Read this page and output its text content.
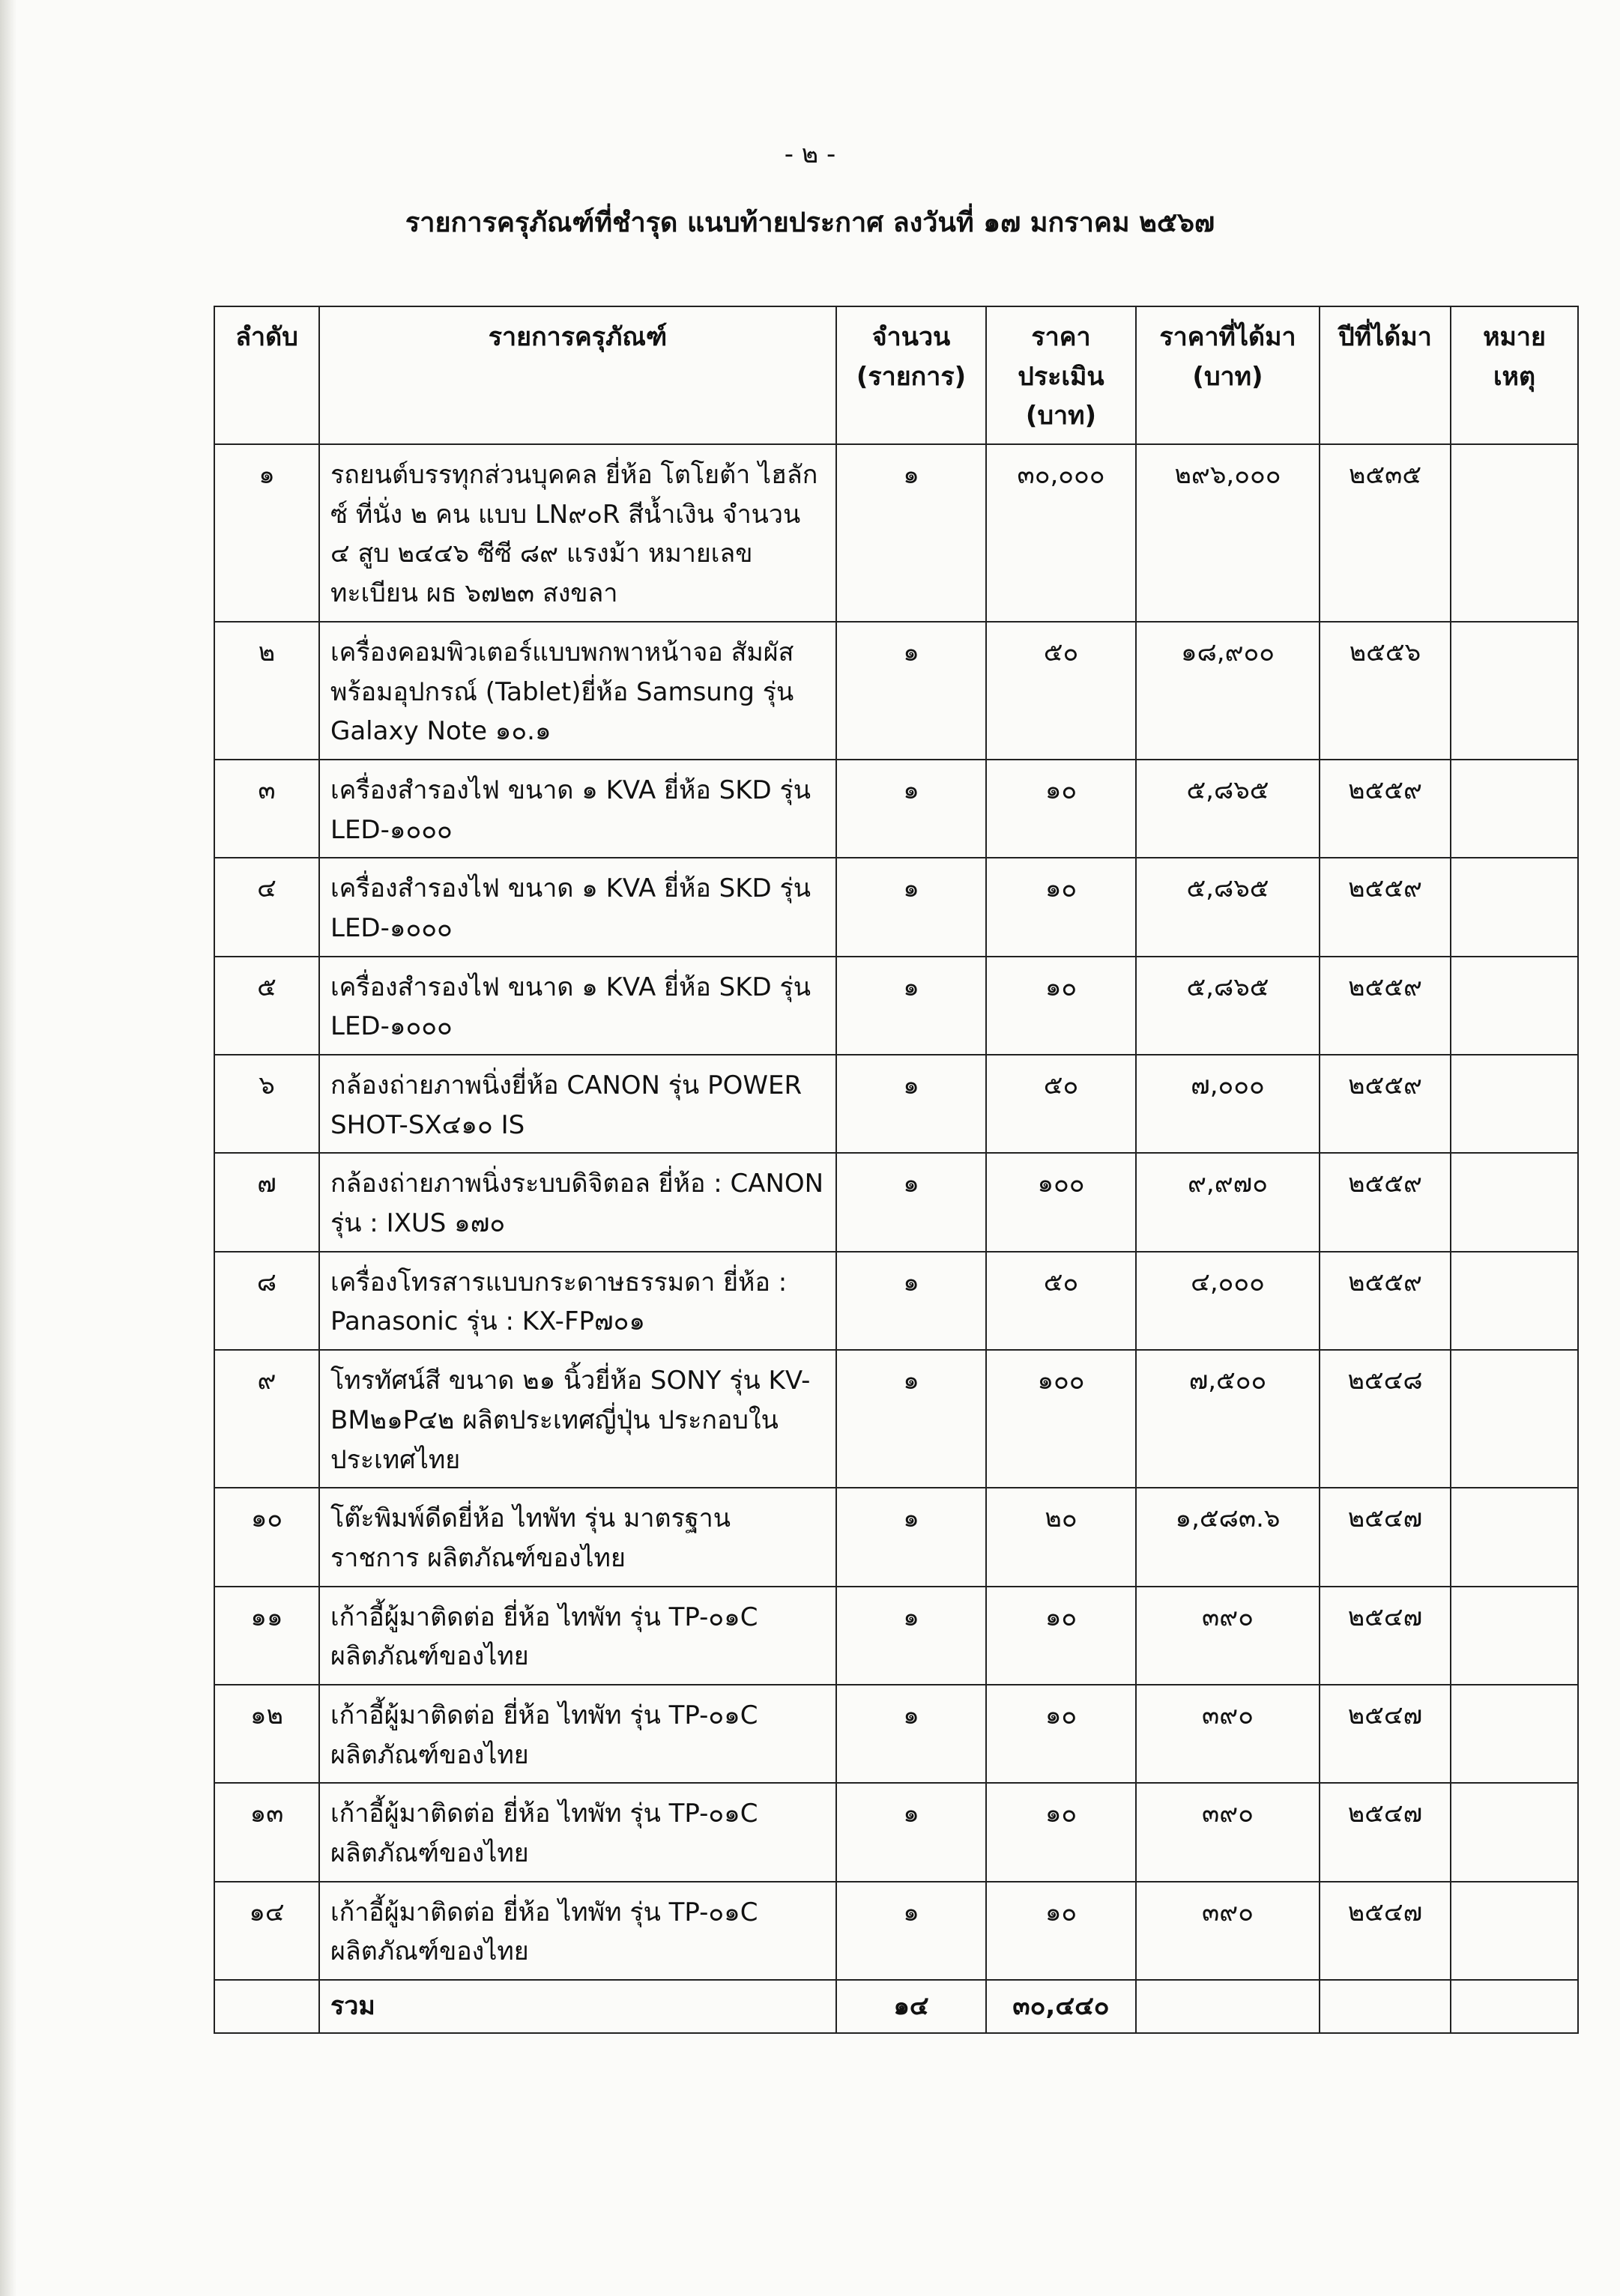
- ๒ -
รายการครุภัณฑ์ที่ชำรุด แนบท้ายประกาศ ลงวันที่ ๑๗ มกราคม ๒๕๖๗
ลำดับ	รายการครุภัณฑ์	จำนวน (รายการ)	ราคา ประเมิน (บาท)	ราคาที่ได้มา (บาท)	ปีที่ได้มา	หมาย เหตุ
๑	รถยนต์บรรทุกส่วนบุคคล ยี่ห้อ โตโยต้า ไฮลักซ์ ที่นั่ง ๒ คน แบบ LN๙๐R สีน้ำเงิน จำนวน ๔ สูบ ๒๔๔๖ ซีซี ๘๙ แรงม้า หมายเลขทะเบียน ผธ ๖๗๒๓ สงขลา	๑	๓๐,๐๐๐	๒๙๖,๐๐๐	๒๕๓๕	
๒	เครื่องคอมพิวเตอร์แบบพกพาหน้าจอ สัมผัสพร้อมอุปกรณ์ (Tablet)ยี่ห้อ Samsung รุ่น Galaxy Note ๑๐.๑	๑	๕๐	๑๘,๙๐๐	๒๕๕๖	
๓	เครื่องสำรองไฟ ขนาด ๑ KVA ยี่ห้อ SKD รุ่น LED-๑๐๐๐	๑	๑๐	๕,๘๖๕	๒๕๕๙	
๔	เครื่องสำรองไฟ ขนาด ๑ KVA ยี่ห้อ SKD รุ่น LED-๑๐๐๐	๑	๑๐	๕,๘๖๕	๒๕๕๙	
๕	เครื่องสำรองไฟ ขนาด ๑ KVA ยี่ห้อ SKD รุ่น LED-๑๐๐๐	๑	๑๐	๕,๘๖๕	๒๕๕๙	
๖	กล้องถ่ายภาพนิ่งยี่ห้อ CANON รุ่น POWER SHOT-SX๔๑๐ IS	๑	๕๐	๗,๐๐๐	๒๕๕๙	
๗	กล้องถ่ายภาพนิ่งระบบดิจิตอล ยี่ห้อ : CANON รุ่น : IXUS ๑๗๐	๑	๑๐๐	๙,๙๗๐	๒๕๕๙	
๘	เครื่องโทรสารแบบกระดาษธรรมดา ยี่ห้อ : Panasonic รุ่น : KX-FP๗๐๑	๑	๕๐	๔,๐๐๐	๒๕๕๙	
๙	โทรทัศน์สี ขนาด ๒๑ นิ้วยี่ห้อ SONY รุ่น KV-BM๒๑P๔๒ ผลิตประเทศญี่ปุ่น ประกอบในประเทศไทย	๑	๑๐๐	๗,๕๐๐	๒๕๔๘	
๑๐	โต๊ะพิมพ์ดีดยี่ห้อ ไทพัท รุ่น มาตรฐาน ราชการ ผลิตภัณฑ์ของไทย	๑	๒๐	๑,๕๘๓.๖	๒๕๔๗	
๑๑	เก้าอี้ผู้มาติดต่อ ยี่ห้อ ไทพัท รุ่น TP-๐๑C ผลิตภัณฑ์ของไทย	๑	๑๐	๓๙๐	๒๕๔๗	
๑๒	เก้าอี้ผู้มาติดต่อ ยี่ห้อ ไทพัท รุ่น TP-๐๑C ผลิตภัณฑ์ของไทย	๑	๑๐	๓๙๐	๒๕๔๗	
๑๓	เก้าอี้ผู้มาติดต่อ ยี่ห้อ ไทพัท รุ่น TP-๐๑C ผลิตภัณฑ์ของไทย	๑	๑๐	๓๙๐	๒๕๔๗	
๑๔	เก้าอี้ผู้มาติดต่อ ยี่ห้อ ไทพัท รุ่น TP-๐๑C ผลิตภัณฑ์ของไทย	๑	๑๐	๓๙๐	๒๕๔๗	
	รวม	๑๔	๓๐,๔๔๐			
